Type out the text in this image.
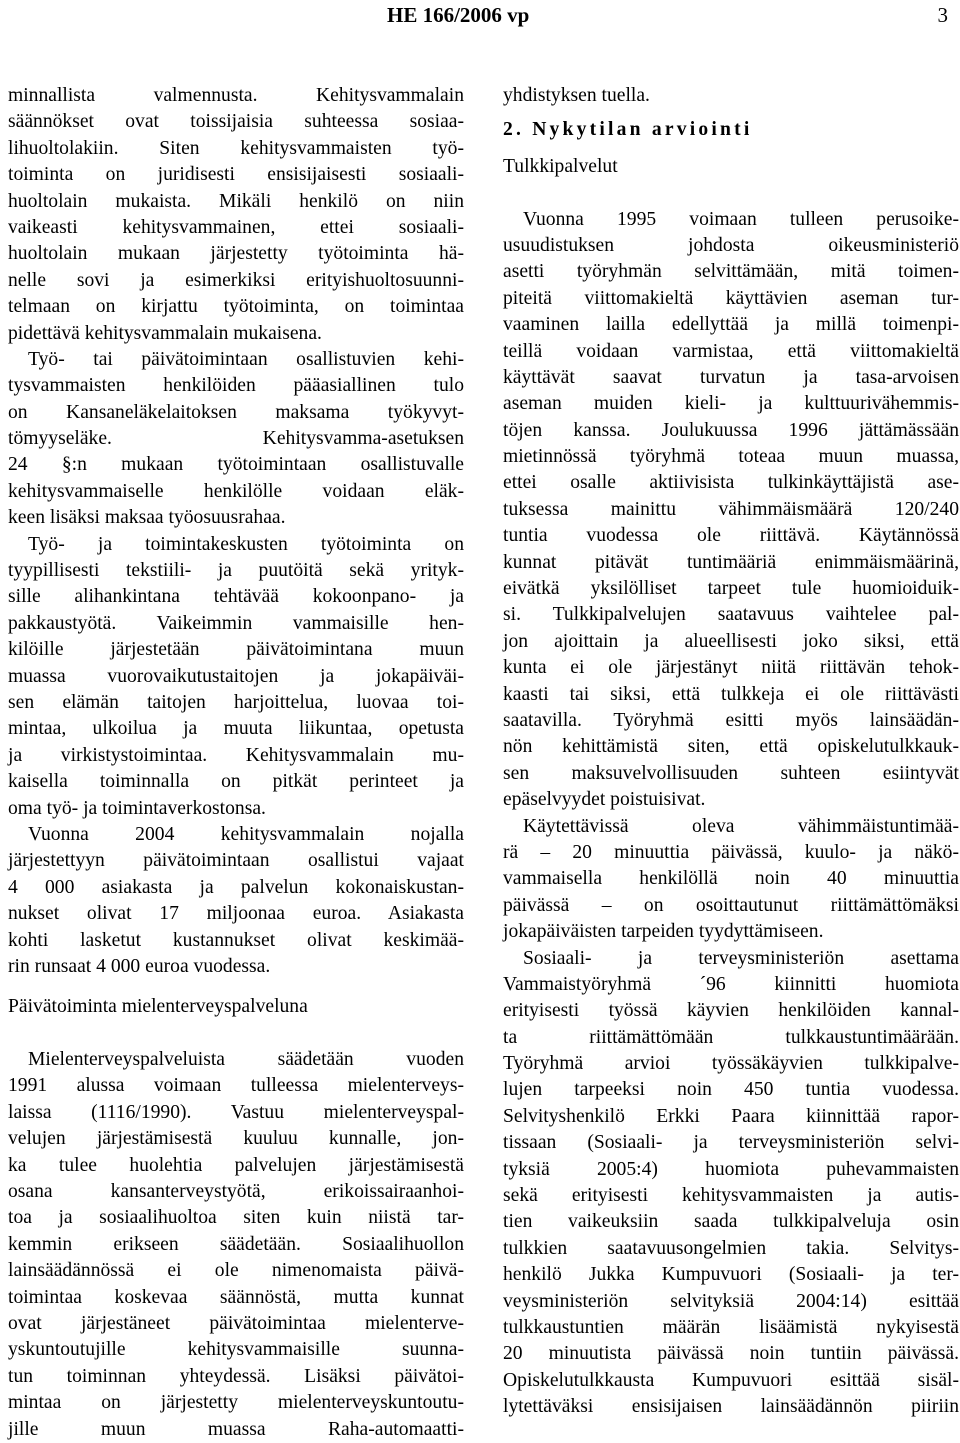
HE 166/2006 vp	3
minnallista valmennusta. Kehitysvammalain
säännökset ovat toissijaisia suhteessa sosiaa-
lihuoltolakiin. Siten kehitysvammaisten työ-
toiminta on juridisesti ensisijaisesti sosiaali-
huoltolain mukaista. Mikäli henkilö on niin
vaikeasti kehitysvammainen, ettei sosiaali-
huoltolain mukaan järjestetty työtoiminta hä-
nelle sovi ja esimerkiksi erityishuoltosuunni-
telmaan on kirjattu työtoiminta, on toimintaa
pidettävä kehitysvammalain mukaisena.
Työ- tai päivätoimintaan osallistuvien kehi-
tysvammaisten henkilöiden pääasiallinen tulo
on Kansaneläkelaitoksen maksama työkyvyt-
tömyyseläke. Kehitysvamma-asetuksen
24 §:n mukaan työtoimintaan osallistuvalle
kehitysvammaiselle henkilölle voidaan eläk-
keen lisäksi maksaa työosuusrahaa.
Työ- ja toimintakeskusten työtoiminta on
tyypillisesti tekstiili- ja puutöitä sekä yrityk-
sille alihankintana tehtävää kokoonpano- ja
pakkaustyötä. Vaikeimmin vammaisille hen-
kilöille järjestetään päivätoimintana muun
muassa vuorovaikutustaitojen ja jokapäiväi-
sen elämän taitojen harjoittelua, luovaa toi-
mintaa, ulkoilua ja muuta liikuntaa, opetusta
ja virkistystoimintaa. Kehitysvammalain mu-
kaisella toiminnalla on pitkät perinteet ja
oma työ- ja toimintaverkostonsa.
Vuonna 2004 kehitysvammalain nojalla
järjestettyyn päivätoimintaan osallistui vajaat
4 000 asiakasta ja palvelun kokonaiskustan-
nukset olivat 17 miljoonaa euroa. Asiakasta
kohti lasketut kustannukset olivat keskimää-
rin runsaat 4 000 euroa vuodessa.
Päivätoiminta mielenterveyspalveluna
Mielenterveyspalveluista säädetään vuoden
1991 alussa voimaan tulleessa mielenterveys-
laissa (1116/1990). Vastuu mielenterveyspal-
velujen järjestämisestä kuuluu kunnalle, jon-
ka tulee huolehtia palvelujen järjestämisestä
osana kansanterveystyötä, erikoissairaanhoi-
toa ja sosiaalihuoltoa siten kuin niistä tar-
kemmin erikseen säädetään. Sosiaalihuollon
lainsäädännössä ei ole nimenomaista päivä-
toimintaa koskevaa säännöstä, mutta kunnat
ovat järjestäneet päivätoimintaa mielenterve-
yskuntoutujille kehitysvammaisille suunna-
tun toiminnan yhteydessä. Lisäksi päivätoi-
mintaa on järjestetty mielenterveyskuntoutu-
jille muun muassa Raha-automaatti-
yhdistyksen tuella.
2. Nykytilan arviointi
Tulkkipalvelut
Vuonna 1995 voimaan tulleen perusoike-
usuudistuksen johdosta oikeusministeriö
asetti työryhmän selvittämään, mitä toimen-
piteitä viittomakieltä käyttävien aseman tur-
vaaminen lailla edellyttää ja millä toimenpi-
teillä voidaan varmistaa, että viittomakieltä
käyttävät saavat turvatun ja tasa-arvoisen
aseman muiden kieli- ja kulttuurivähemmis-
töjen kanssa. Joulukuussa 1996 jättämässään
mietinnössä työryhmä toteaa muun muassa,
ettei osalle aktiivisista tulkinkäyttäjistä ase-
tuksessa mainittu vähimmäismäärä 120/240
tuntia vuodessa ole riittävä. Käytännössä
kunnat pitävät tuntimääriä enimmäismäärinä,
eivätkä yksilölliset tarpeet tule huomioiduik-
si. Tulkkipalvelujen saatavuus vaihtelee pal-
jon ajoittain ja alueellisesti joko siksi, että
kunta ei ole järjestänyt niitä riittävän tehok-
kaasti tai siksi, että tulkkeja ei ole riittävästi
saatavilla. Työryhmä esitti myös lainsäädän-
nön kehittämistä siten, että opiskelutulkkauk-
sen maksuvelvollisuuden suhteen esiintyvät
epäselvyydet poistuisivat.
Käytettävissä oleva vähimmäistuntimää-
rä – 20 minuuttia päivässä, kuulo- ja näkö-
vammaisella henkilöllä noin 40 minuuttia
päivässä – on osoittautunut riittämättömäksi
jokapäiväisten tarpeiden tyydyttämiseen.
Sosiaali- ja terveysministeriön asettama
Vammaistyöryhmä ´96 kiinnitti huomiota
erityisesti työssä käyvien henkilöiden kannal-
ta riittämättömään tulkkaustuntimäärään.
Työryhmä arvioi työssäkäyvien tulkkipalve-
lujen tarpeeksi noin 450 tuntia vuodessa.
Selvityshenkilö Erkki Paara kiinnittää rapor-
tissaan (Sosiaali- ja terveysministeriön selvi-
tyksiä 2005:4) huomiota puhevammaisten
sekä erityisesti kehitysvammaisten ja autis-
tien vaikeuksiin saada tulkkipalveluja osin
tulkkien saatavuusongelmien takia. Selvitys-
henkilö Jukka Kumpuvuori (Sosiaali- ja ter-
veysministeriön selvityksiä 2004:14) esittää
tulkkaustuntien määrän lisäämistä nykyisestä
20 minuutista päivässä noin tuntiin päivässä.
Opiskelutulkkausta Kumpuvuori esittää sisäl-
lytettäväksi ensisijaisen lainsäädännön piiriin
